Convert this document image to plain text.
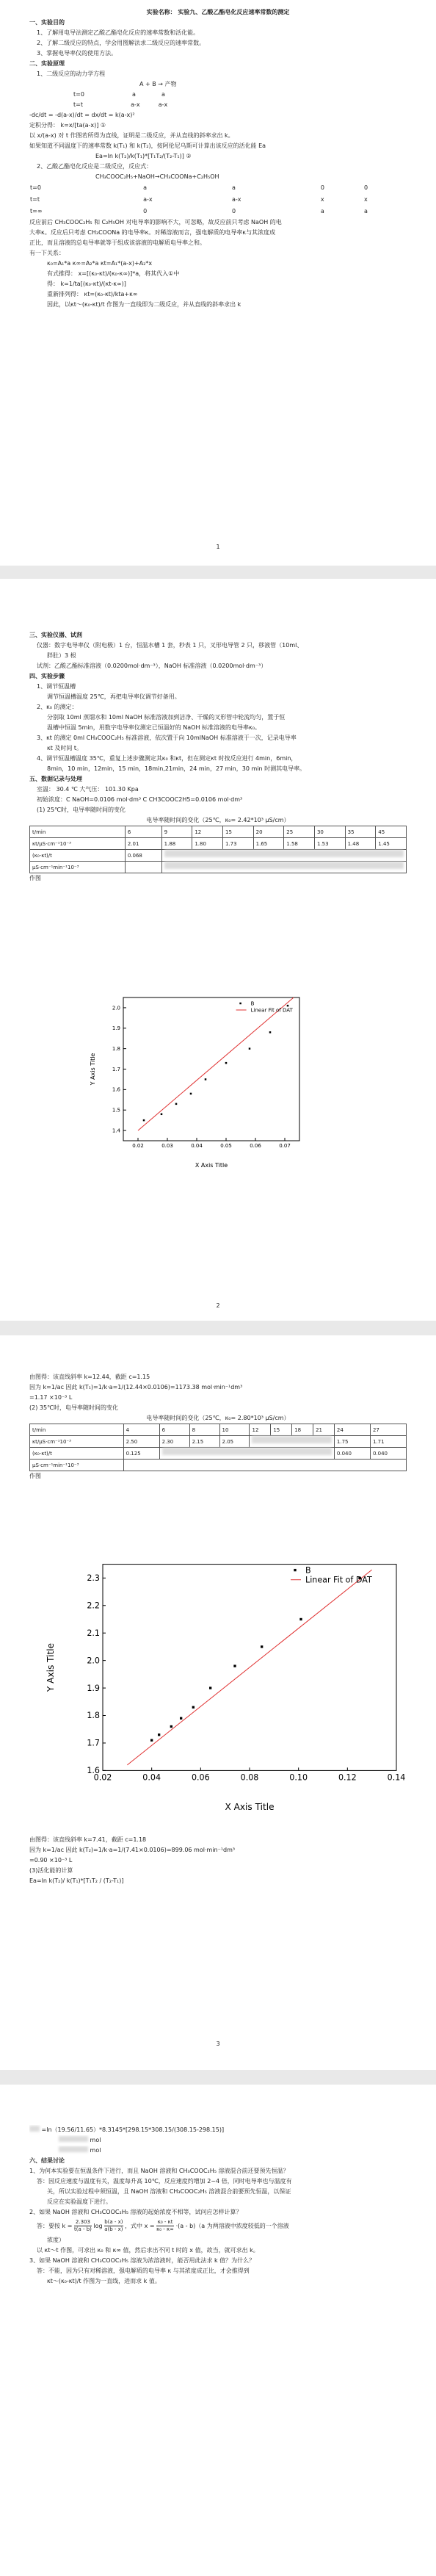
实验名称： 实验九、乙酸乙酯皂化反应速率常数的测定

一、实验目的

1、了解用电导法测定乙酸乙酯皂化反应的速率常数和活化能。

2、了解二级反应的特点，学会用图解法求二级反应的速率常数。

3、掌握电导率仪的使用方法。

二、实验原理

1、二级反应的动力学方程

A + B → 产物

t=0	a	a

t=t	a-x	a-x

-dc/dt = -d(a-x)/dt = dx/dt = k(a-x)²

定积分得： k=x/[ta(a-x)] ①

以 x/(a-x) 对 t 作图若所得为直线，证明是二级反应，并从直线的斜率求出 k。

如果知道不同温度下的速率常数 k(T₁) 和 k(T₂)，按阿伦尼乌斯可计算出该反应的活化能 Ea

Ea=ln k(T₂)/k(T₁)*[T₁T₂/(T₂-T₁)] ②

2、乙酸乙酯皂化反应是二级反应，反应式：

CH₃COOC₂H₅+NaOH→CH₃COONa+C₂H₅OH

t=0	a	a	0	0
t=t	a-x	a-x	x	x
t=∞	0	0	a	a

反应前后 CH₃COOC₂H₅ 和 C₂H₅OH 对电导率的影响不大，可忽略，故反应前只考虑 NaOH 的电

大率κ。反应后只考虑 CH₃COONa 的电导率κ。对稀溶液而言，强电解质的电导率κ与其浓度成

正比，而且溶液的总电导率就等于组成该溶液的电解质电导率之和。

有一下关系：

κ₀=A₁*a κ∞=A₂*a κt=A₁*(a-x)+A₂*x

有式推得： x=[(κ₀-κt)/(κ₀-κ∞)]*a，将其代入①中

得： k=1/ta[(κ₀-κt)/(κt-κ∞)]

重新排列得： κt=(κ₀-κt)/kta+κ∞

因此，以κt～(κ₀-κt)/t 作图为一直线即为二级反应，并从直线的斜率求出 k

1

三、实验仪器、试剂

仪器：数字电导率仪（附电极）1 台，恒温水槽 1 套，秒表 1 只，叉形电导管 2 只，移液管（10ml、

胖肚）3 根

试剂：乙酸乙酯标准溶液（0.0200mol·dm⁻³），NaOH 标准溶液（0.0200mol·dm⁻³）

四、实验步骤

1、调节恒温槽

调节恒温槽温度 25℃，再把电导率仪调节好备用。

2、κ₀ 的测定：

分别取 10ml 蒸馏水和 10ml NaOH 标准溶液加到洁净、干燥的叉形管中轮流均匀，置于恒

温槽中恒温 5min，用数字电导率仪测定已恒温好的 NaOH 标准溶液的电导率κ₀。

3、κt 的测定 0ml CH₃COOC₂H₅ 标准溶液，依次置于向 10mlNaOH 标准溶液于一次，记录电导率

κt 及时间 t。

4、调节恒温槽温度 35℃，重复上述步骤测定其κ₀ 和κt，但在测定κt 时按反应进行 4min，6min，

8min，10 min，12min，15 min，18min,21min，24 min，27 min，30 min 时测其电导率。

五、数据记录与处理

室温： 30.4 ℃ 大气压： 101.30 Kpa

初始浓度：C NaOH=0.0106 mol·dm³ C CH3COOC2H5=0.0106 mol·dm³

(1) 25℃时，电导率随时间的变化

电导率随时间的变化（25℃，κ₀= 2.42*10³ μS/cm）

t/min	6	9	12	15	20	25	30	35	45
κt/μS·cm⁻¹10⁻³	2.01	1.88	1.80	1.73	1.65	1.58	1.53	1.48	1.45
(κ₀-κt)/t	0.068								
μS·cm⁻¹min⁻¹10⁻³									

作图

0.02	0.03	0.04	0.05	0.06	0.07
1.4
1.5
1.6
1.7
1.8
1.9
2.0
X Axis Title
Y Axis Title
B
Linear Fit of DAT
2

由图得：该直线斜率 k=12.44，截距 c=1.15

因为 k=1/ac 因此 k(T₁)=1/k·a=1/(12.44×0.0106)=1173.38 mol·min⁻¹dm³

=1.17 ×10⁻³ L

(2) 35℃时，电导率随时间的变化

电导率随时间的变化（25℃，κ₀= 2.80*10³ μS/cm）

t/min	4	6	8	10	12	15	18	21	24	27
κt/μS·cm⁻¹10⁻³	2.50	2.30	2.15	2.05					1.75	1.71
(κ₀-κt)/t	0.125								0.040	0.040
μS·cm⁻¹min⁻¹10⁻³										

作图

0.02	0.04	0.06	0.08	0.10	0.12	0.14
1.6
1.7
1.8
1.9
2.0
2.1
2.2
2.3
X Axis Title
Y Axis Title
B
Linear Fit of DAT

由图得：该直线斜率 k=7.41，截距 c=1.18

因为 k=1/ac 因此 k(T₂)=1/k·a=1/(7.41×0.0106)=899.06 mol·min⁻¹dm³

=0.90 ×10⁻³ L

(3)活化能的计算

Ea=ln k(T₂)/ k(T₁)*[T₁T₂ / (T₂-T₁)]

3

=ln（19.56/11.65）*8.3145*[298.15*308.15/(308.15-298.15)]

mol

mol

六、结果讨论

1、为何本实验要在恒温条件下进行，而且 NaOH 溶液和 CH₃COOC₂H₅ 溶液混合前还要预先恒温？

答：因反应速度与温度有关，温度每升高 10℃，反应速度约增加 2~4 倍，同时电导率也与温度有

关，所以实验过程中须恒温，且 NaOH 溶液和 CH₃COOC₂H₅ 溶液混合前要预先恒温，以保证

反应在实验温度下进行。

2、如果 NaOH 溶液和 CH₃COOC₂H₅ 溶液的起始浓度不相等，试问应怎样计算？

答：要按 $k = \frac{2.303}{t(a - b)}$ $\log \frac{b(a - x)}{a(b - x)}$ ，式中 $x = \frac{\text{κ₀ - κt}}{\text{κ₀ - κ∞}} \cdot(a - b)(a$ 为两溶液中浓度较低的一个溶液

浓度）

以 κt～t 作图，可求出 κ₀ 和 κ∞ 值，然后求出不同 t 时的 x 值，故当，就可求出 k。

3、如果 NaOH 溶液和 CH₃COOC₂H₅ 溶液为浓溶液时，能否用此法求 k 值？为什么？

答：不能，因为只有对稀溶液，强电解质的电导率 κ 与其浓度成正比，才会推得到

κt～(κ₀-κt)/t 作图为一直线，进而求 k 值。
